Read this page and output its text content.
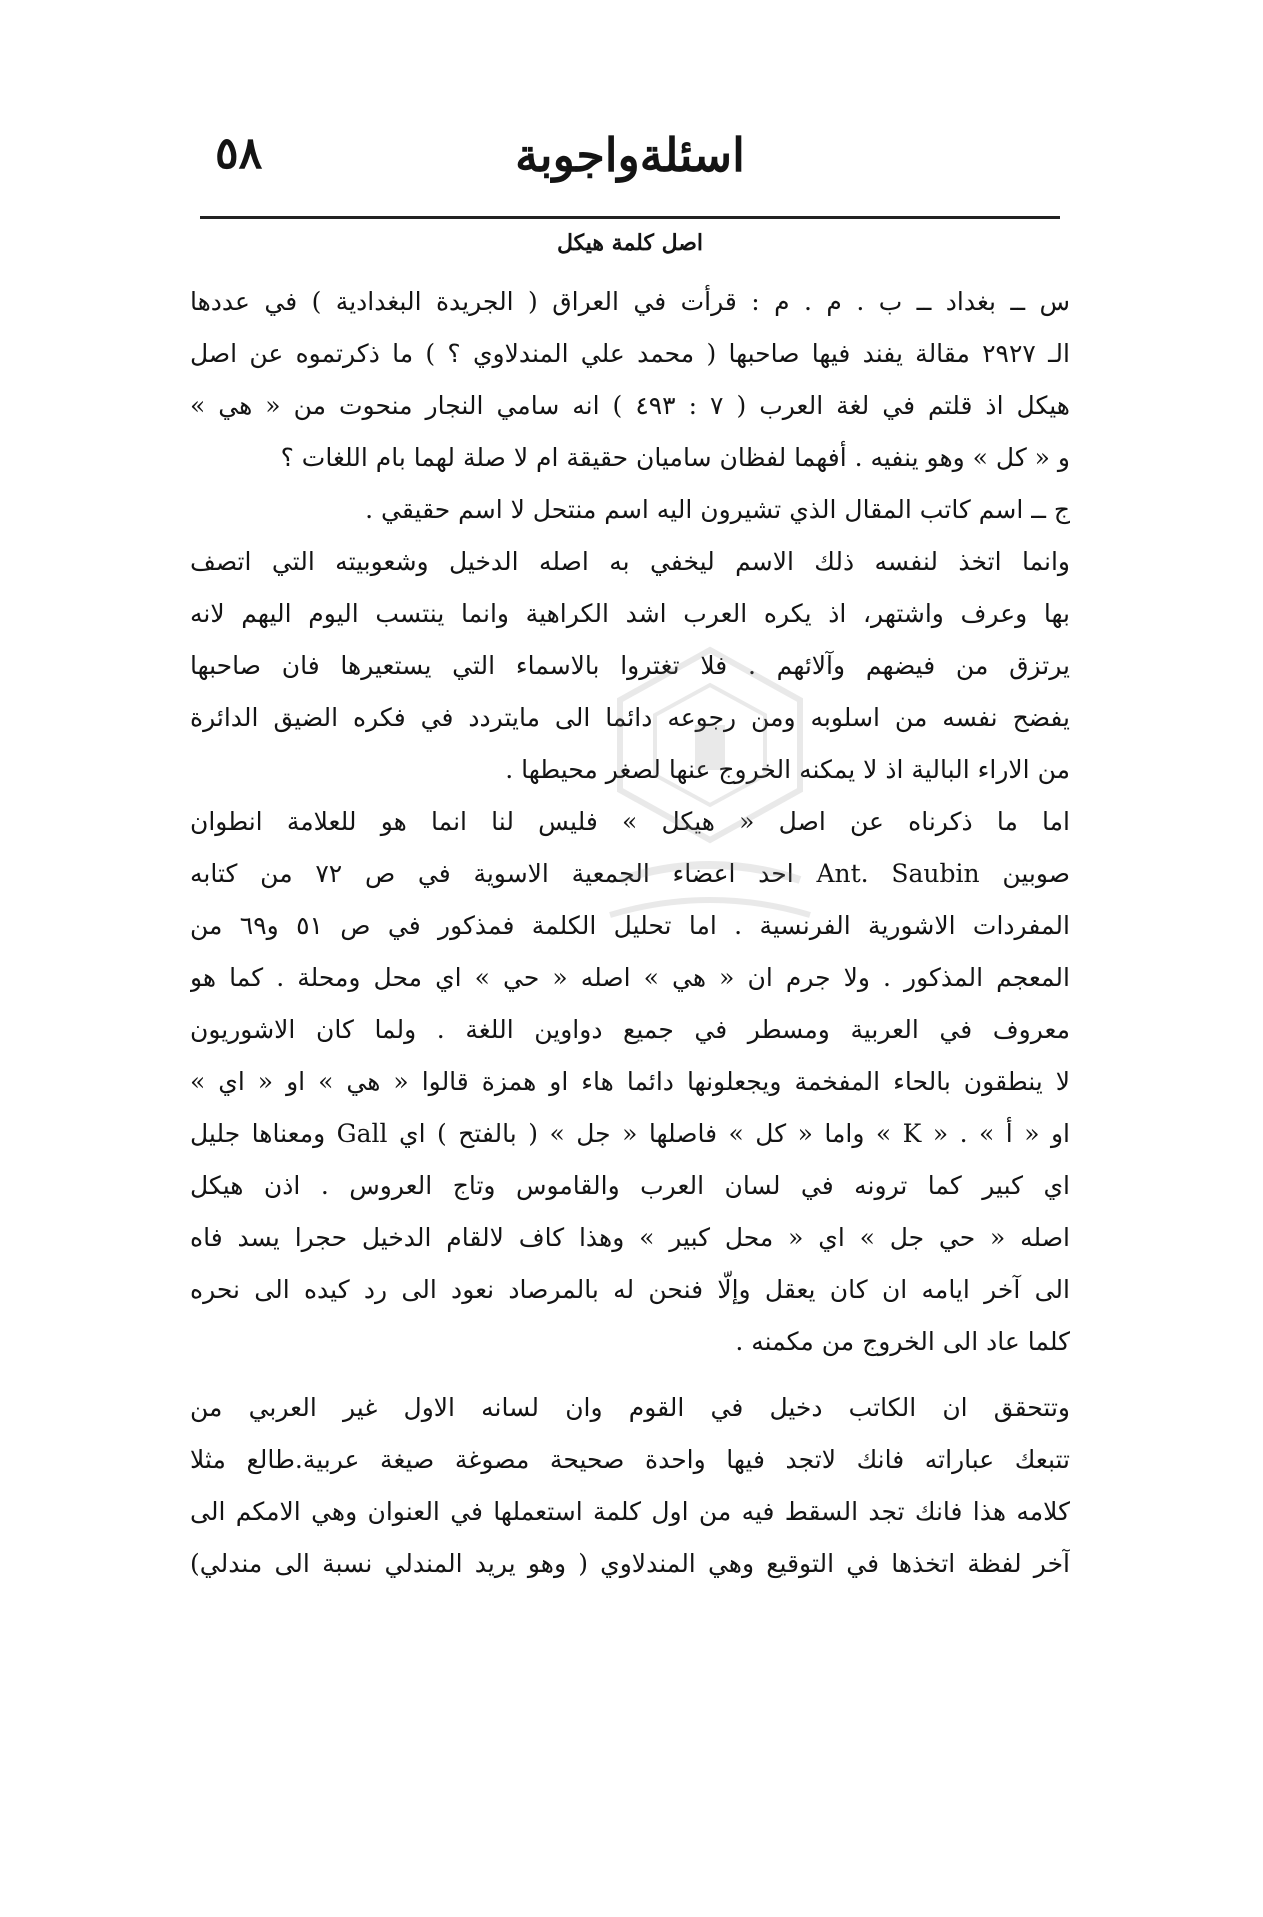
٥٨	اسئلةواجوبة
اصل كلمة هيكل
س ــ بغداد ــ ب . م . م : قرأت في العراق ( الجريدة البغدادية ) في عددها
الـ ٢٩٢٧ مقالة يفند فيها صاحبها ( محمد علي المندلاوي ؟ ) ما ذكرتموه عن اصل
هيكل اذ قلتم في لغة العرب ( ٧ : ٤٩٣ ) انه سامي النجار منحوت من « هي »
و « كل » وهو ينفيه . أفهما لفظان ساميان حقيقة ام لا صلة لهما بام اللغات ؟
ج ــ اسم كاتب المقال الذي تشيرون اليه اسم منتحل لا اسم حقيقي .
وانما اتخذ لنفسه ذلك الاسم ليخفي به اصله الدخيل وشعوبيته التي اتصف
بها وعرف واشتهر، اذ يكره العرب اشد الكراهية وانما ينتسب اليوم اليهم لانه
يرتزق من فيضهم وآلائهم . فلا تغتروا بالاسماء التي يستعيرها فان صاحبها
يفضح نفسه من اسلوبه ومن رجوعه دائما الى مايتردد في فكره الضيق الدائرة
من الاراء البالية اذ لا يمكنه الخروج عنها لصغر محيطها .
اما ما ذكرناه عن اصل « هيكل » فليس لنا انما هو للعلامة انطوان
صوبين Ant. Saubin احد اعضاء الجمعية الاسوية في ص ٧٢ من كتابه
المفردات الاشورية الفرنسية . اما تحليل الكلمة فمذكور في ص ٥١ و٦٩ من
المعجم المذكور . ولا جرم ان « هي » اصله « حي » اي محل ومحلة . كما هو
معروف في العربية ومسطر في جميع دواوين اللغة . ولما كان الاشوريون
لا ينطقون بالحاء المفخمة ويجعلونها دائما هاء او همزة قالوا « هي » او « اي »
او « أ » . « K » واما « كل » فاصلها « جل » ( بالفتح ) اي Gall ومعناها جليل
اي كبير كما ترونه في لسان العرب والقاموس وتاج العروس . اذن هيكل
اصله « حي جل » اي « محل كبير » وهذا كاف لالقام الدخيل حجرا يسد فاه
الى آخر ايامه ان كان يعقل وإلّا فنحن له بالمرصاد نعود الى رد كيده الى نحره
كلما عاد الى الخروج من مكمنه .
وتتحقق ان الكاتب دخيل في القوم وان لسانه الاول غير العربي من
تتبعك عباراته فانك لاتجد فيها واحدة صحيحة مصوغة صيغة عربية.طالع مثلا
كلامه هذا فانك تجد السقط فيه من اول كلمة استعملها في العنوان وهي الامكم الى
آخر لفظة اتخذها في التوقيع وهي المندلاوي ( وهو يريد المندلي نسبة الى مندلي)
